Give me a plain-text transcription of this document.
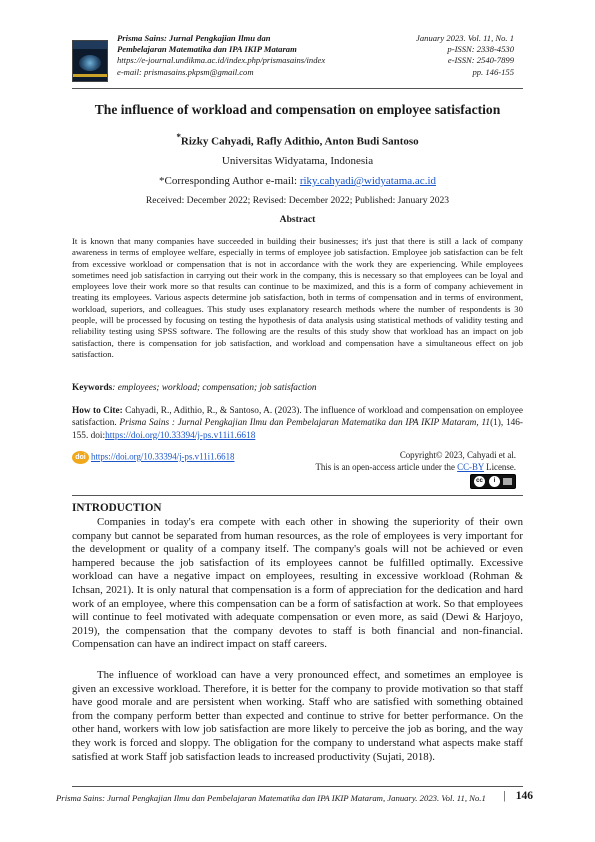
Prisma Sains: Jurnal Pengkajian Ilmu dan
Pembelajaran Matematika dan IPA IKIP Mataram
https://e-journal.undikma.ac.id/index.php/prismasains/index
e-mail: prismasains.pkpsm@gmail.com
January 2023. Vol. 11, No. 1
p-ISSN: 2338-4530
e-ISSN: 2540-7899
pp. 146-155
The influence of workload and compensation on employee satisfaction
*Rizky Cahyadi, Rafly Adithio, Anton Budi Santoso
Universitas Widyatama, Indonesia
*Corresponding Author e-mail: riky.cahyadi@widyatama.ac.id
Received: December 2022; Revised: December 2022; Published: January 2023
Abstract
It is known that many companies have succeeded in building their businesses; it's just that there is still a lack of company awareness in terms of employee welfare, especially in terms of employee job satisfaction. Employee job satisfaction can be felt from excessive workload or compensation that is not in accordance with the work they are experiencing. While employees sometimes need job satisfaction in carrying out their work in the company, this is necessary so that employees can be loyal and employees love their work more so that results can continue to be maximized, and this is a form of company achievement in treating its employees. Various aspects determine job satisfaction, both in terms of compensation and in terms of environment, workload, superiors, and colleagues. This study uses explanatory research methods where the number of respondents is 30 people, will be processed by focusing on testing the hypothesis of data analysis using statistical methods of validity testing and reliability testing using SPSS software. The following are the results of this study show that workload has an impact on job satisfaction, there is compensation for job satisfaction, and workload and compensation have a simultaneous effect on job satisfaction.
Keywords: employees; workload; compensation; job satisfaction
How to Cite: Cahyadi, R., Adithio, R., & Santoso, A. (2023). The influence of workload and compensation on employee satisfaction. Prisma Sains : Jurnal Pengkajian Ilmu dan Pembelajaran Matematika dan IPA IKIP Mataram, 11(1), 146-155. doi:https://doi.org/10.33394/j-ps.v11i1.6618
doi https://doi.org/10.33394/j-ps.v11i1.6618	Copyright© 2023, Cahyadi et al.
This is an open-access article under the CC-BY License.
cc	i
INTRODUCTION

Companies in today's era compete with each other in showing the superiority of their own company but cannot be separated from human resources, as the role of employees is very important for the development or quality of a company itself. The company's goals will not be achieved or even hampered because the job satisfaction of its employees cannot be fulfilled optimally. Excessive workload can have a negative impact on employees, resulting in excessive workload (Rohman & Ichsan, 2021). It is only natural that compensation is a form of appreciation for the dedication and hard work of an employee, where this compensation can be a form of satisfaction at work. So that employees will continue to feel motivated with adequate compensation or even more, as said (Dewi & Harjoyo, 2019), the compensation that the company devotes to staff is both financial and non-financial. Compensation can have an indirect impact on staff careers.

The influence of workload can have a very pronounced effect, and sometimes an employee is given an excessive workload. Therefore, it is better for the company to provide motivation so that staff have good morale and are persistent when working. Staff who are satisfied with something obtained from the company perform better than expected and continue to strive for better performance. On the other hand, workers with low job satisfaction are more likely to perceive the job as boring, and the way they work is forced and sloppy. The obligation for the company to understand what aspects make staff satisfied at work Staff job satisfaction leads to increased productivity (Sujati, 2018).

Prisma Sains: Jurnal Pengkajian Ilmu dan Pembelajaran Matematika dan IPA IKIP Mataram, January. 2023. Vol. 11, No.1 | 146
